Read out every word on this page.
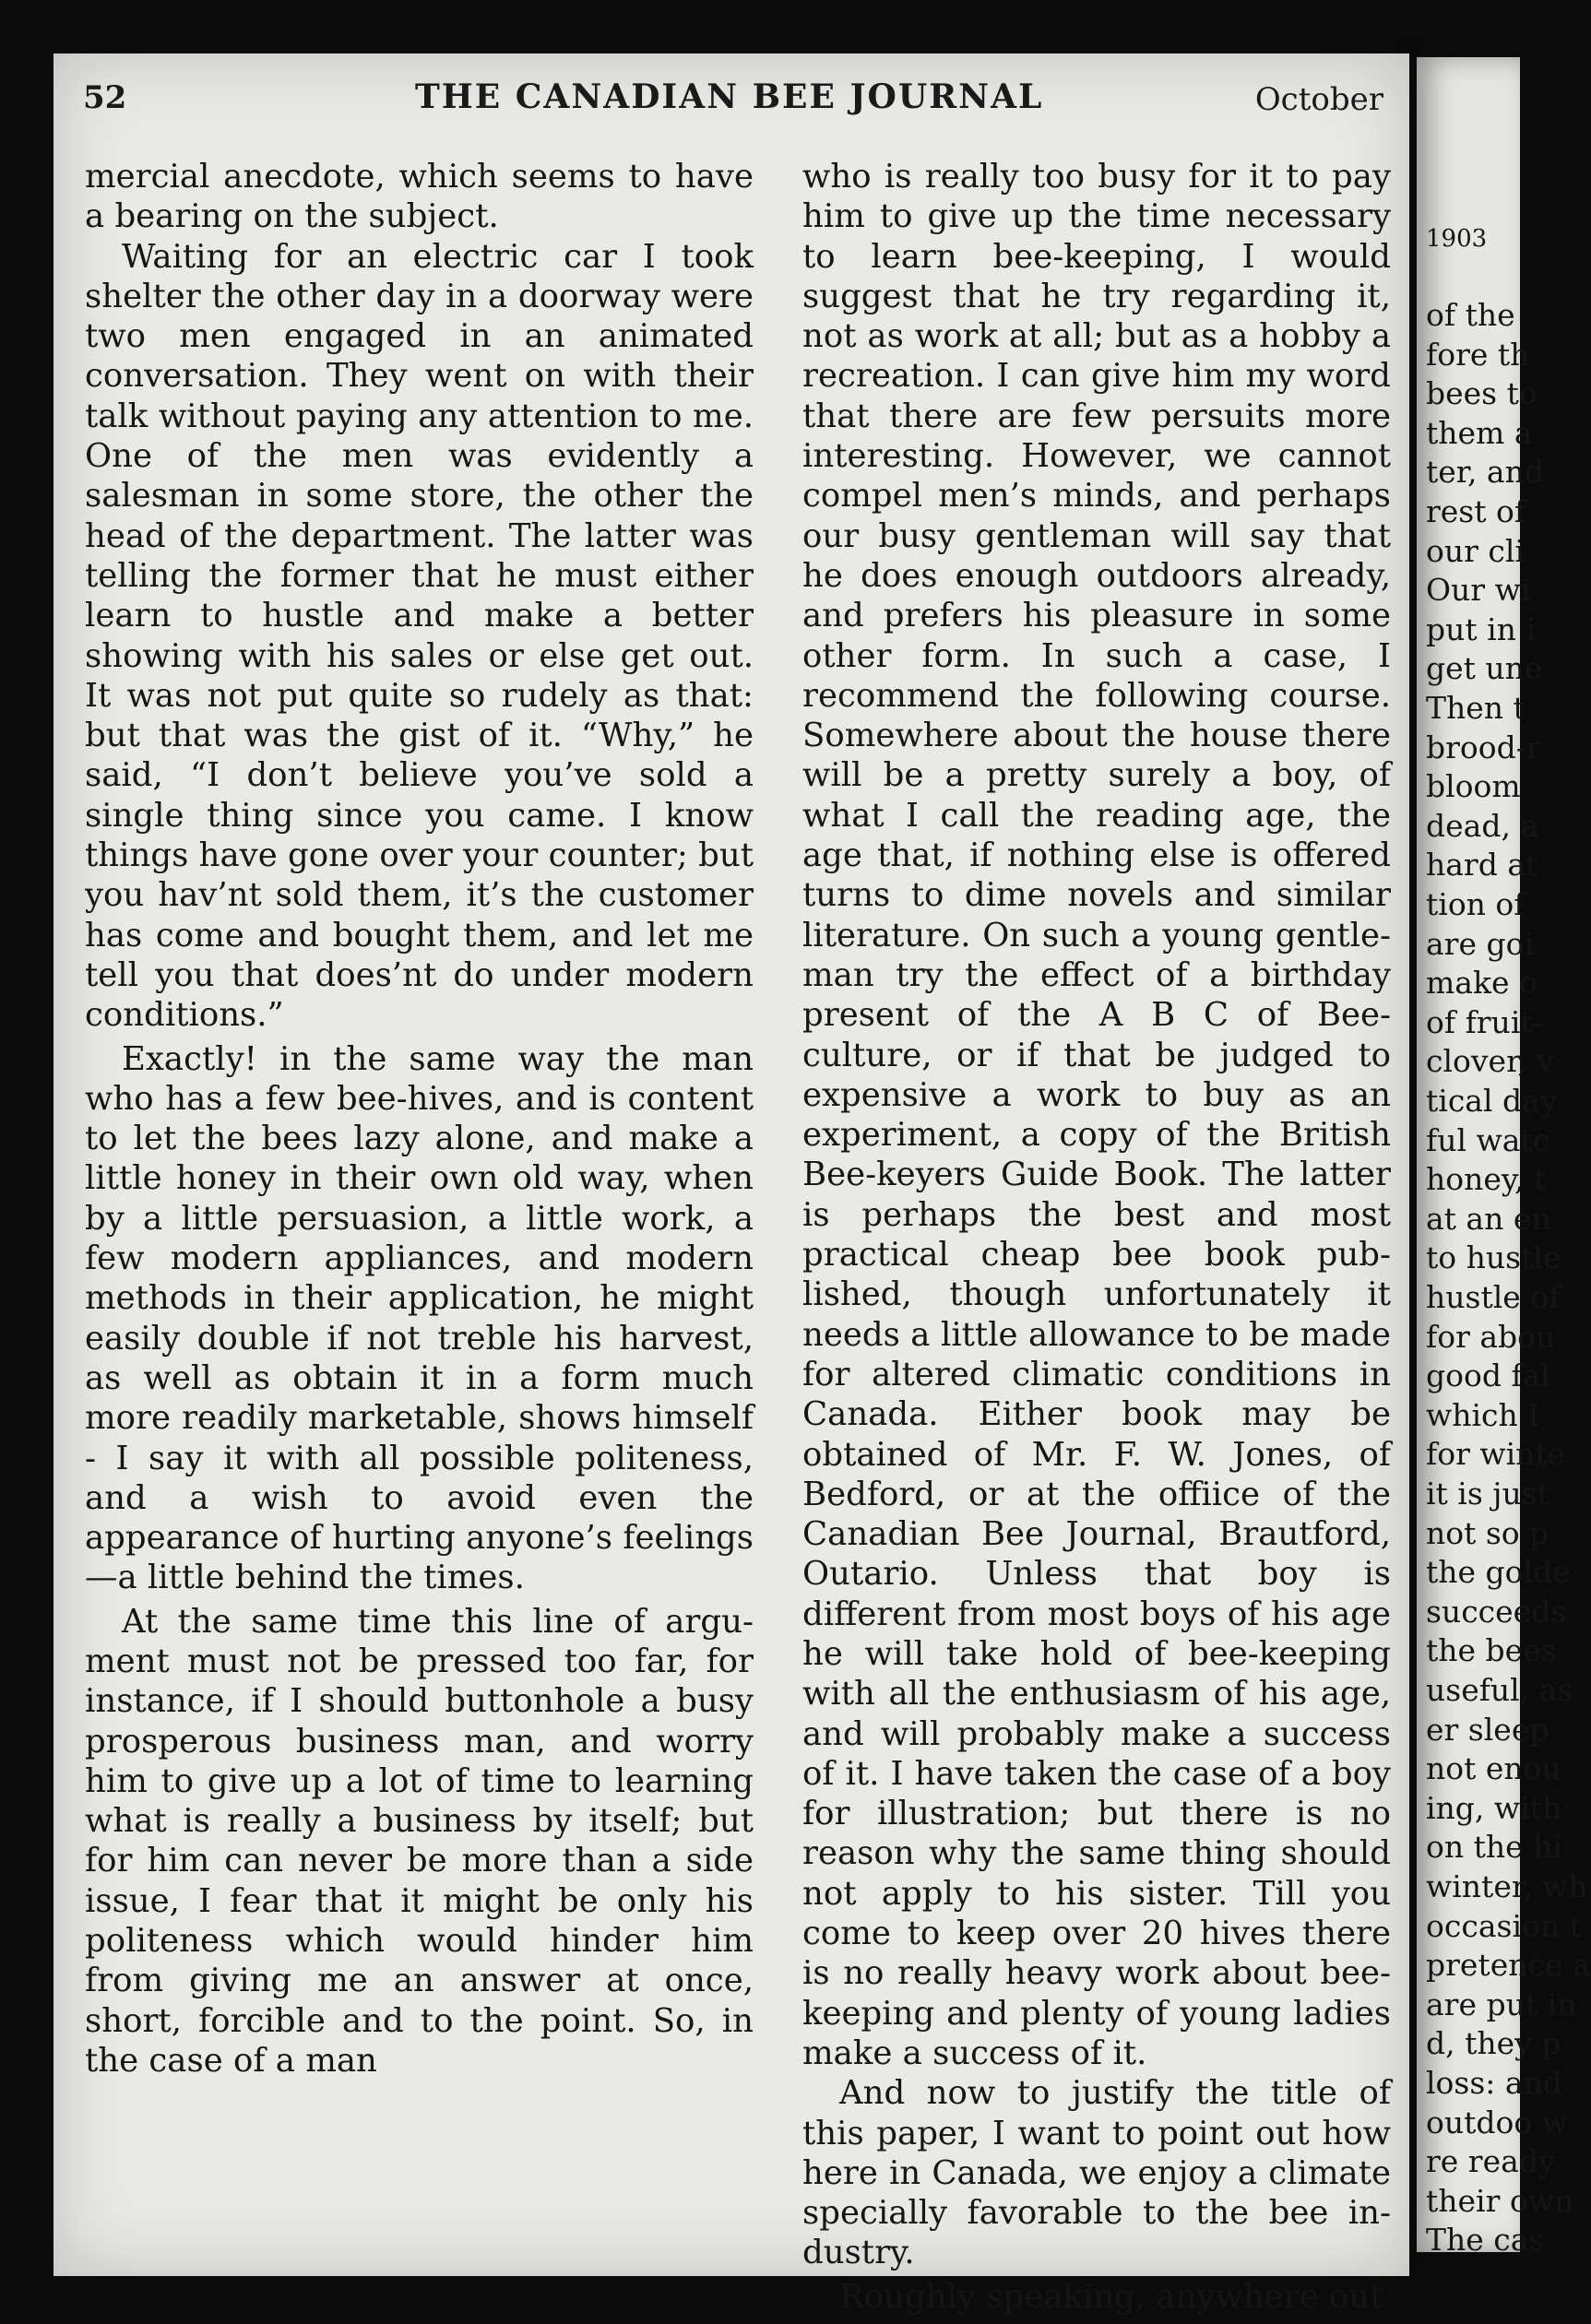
52	THE CANADIAN BEE JOURNAL	October

mercial anecdote, which seems to have a bearing on the subject.

Waiting for an electric car I took shelter the other day in a doorway were two men engaged in an animated conversation. They went on with their talk without paying any attention to me. One of the men was evidently a salesman in some store, the other the head of the department. The latter was telling the former that he must either learn to hustle and make a better showing with his sales or else get out. It was not put quite so rudely as that: but that was the gist of it. “Why,” he said, “I don’t believe you’ve sold a single thing since you came. I know things have gone over your counter; but you hav’nt sold them, it’s the customer has come and bought them, and let me tell you that does’nt do under modern conditions.”

Exactly! in the same way the man who has a few bee-hives, and is content to let the bees lazy alone, and make a little honey in their own old way, when by a little persuasion, a little work, a few modern appliances, and modern methods in their application, he might easily double if not treble his harvest, as well as obtain it in a form much more readily marketable, shows himself - I say it with all possible politeness, and a wish to avoid even the appearance of hurting anyone’s feelings—a little behind the times.

At the same time this line of argument must not be pressed too far, for instance, if I should buttonhole a busy prosperous business man, and worry him to give up a lot of time to learning what is really a business by itself; but for him can never be more than a side issue, I fear that it might be only his politeness which would hinder him from giving me an answer at once, short, forcible and to the point. So, in the case of a man

who is really too busy for it to pay him to give up the time necessary to learn bee-keeping, I would suggest that he try regarding it, not as work at all; but as a hobby a recreation. I can give him my word that there are few persuits more interesting. However, we cannot compel men’s minds, and perhaps our busy gentleman will say that he does enough outdoors already, and prefers his pleasure in some other form. In such a case, I recommend the following course. Somewhere about the house there will be a pretty surely a boy, of what I call the reading age, the age that, if nothing else is offered turns to dime novels and similar literature. On such a young gentleman try the effect of a birthday present of the A B C of Bee-culture, or if that be judged to expensive a work to buy as an experiment, a copy of the British Bee-keyers Guide Book. The latter is perhaps the best and most practical cheap bee book published, though unfortunately it needs a little allowance to be made for altered climatic conditions in Canada. Either book may be obtained of Mr. F. W. Jones, of Bedford, or at the offiice of the Canadian Bee Journal, Brautford, Outario. Unless that boy is different from most boys of his age he will take hold of bee-keeping with all the enthusiasm of his age, and will probably make a success of it. I have taken the case of a boy for illustration; but there is no reason why the same thing should not apply to his sister. Till you come to keep over 20 hives there is no really heavy work about bee-keeping and plenty of young ladies make a success of it.

And now to justify the title of this paper, I want to point out how here in Canada, we enjoy a climate specially favorable to the bee industry.

Roughly speaking, anywhere out

1903
of the
fore th
bees to
them a
ter, and
rest of
our cli
Our wi
put in i
get une
Then t
brood-r
bloom
dead, a
hard at
tion of
are goi
make o
of fruit-
clover, v
tical day
ful watc
honey, t
at an en
to hustle
hustle of
for abou
good fal
which I
for winte
it is just
not so p
the golde
succeeds
the bees
useful, as
er sleep
not enou
ing, with
on the hi
winter, wh
occasion t
pretence a
are put in
d, they p
loss: and
outdoo w
re ready
their own
The cas
